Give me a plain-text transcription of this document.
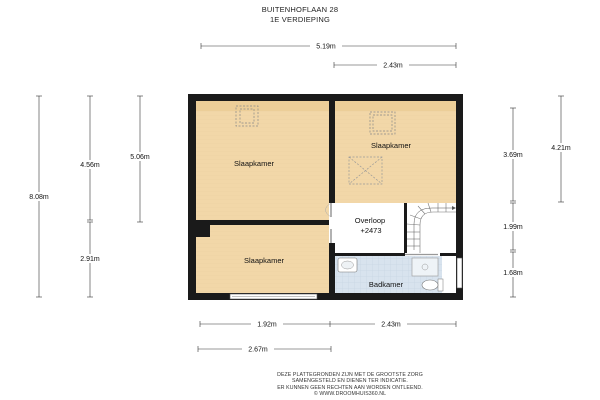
BUITENHOFLAAN 28
1E VERDIEPING
5.19m
2.43m
8.08m
4.56m
5.06m
2.91m
3.69m
4.21m
1.99m
1.68m
1.92m	2.43m
2.67m
Slaapkamer
Slaapkamer
Slaapkamer
Overloop
+2473
Badkamer
DEZE PLATTEGRONDEN ZIJN MET DE GROOTSTE ZORG
SAMENGESTELD EN DIENEN TER INDICATIE.
ER KUNNEN GEEN RECHTEN AAN WORDEN ONTLEEND.
© WWW.DROOMHUIS360.NL
